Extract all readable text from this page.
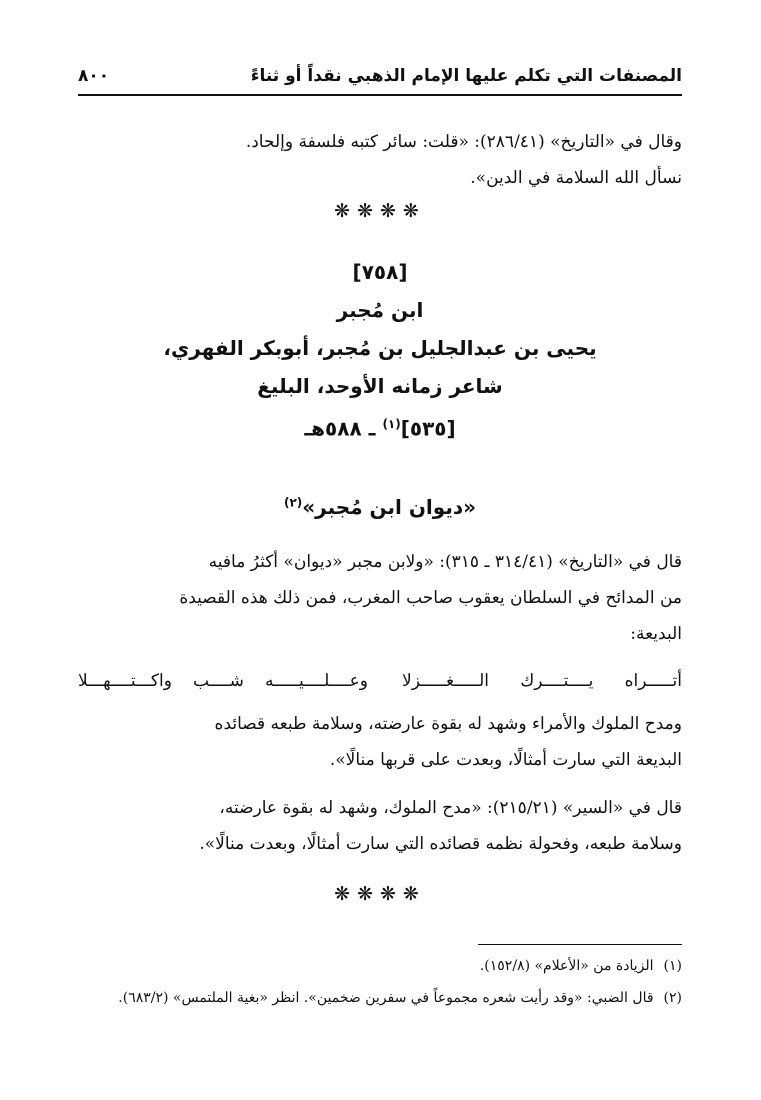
المصنفات التي تكلم عليها الإمام الذهبي نقداً أو ثناءً
٨٠٠

وقال في «التاريخ» (٢٨٦/٤١): «قلت: سائر كتبه فلسفة وإلحاد.

نسأل الله السلامة في الدين».

❋❋❋❋
[٧٥٨]
ابن مُجبر
يحيى بن عبدالجليل بن مُجبر، أبوبكر الفهري،
شاعر زمانه الأوحد، البليغ
[٥٣٥]$^{(١)}$ ـ ٥٨٨هـ
«ديوان ابن مُجبر»$^{(٢)}$

قال في «التاريخ» (٣١٤/٤١ ـ ٣١٥): «ولابن مجبر «ديوان» أكثرُ مافيه

من المدائح في السلطان يعقوب صاحب المغرب، فمن ذلك هذه القصيدة

البديعة:

أتـــــراه يــــتــــرك الـــــغـــــزلا
وعــــلــــيـــــه شــــب واكـــتــــهـــلا

ومدح الملوك والأمراء وشهد له بقوة عارضته، وسلامة طبعه قصائده

البديعة التي سارت أمثالًا، وبعدت على قربها منالًا».

قال في «السير» (٢١٥/٢١): «مدح الملوك، وشهد له بقوة عارضته،

وسلامة طبعه، وفحولة نظمه قصائده التي سارت أمثالًا، وبعدت منالًا».

❋❋❋❋

(١)الزيادة من «الأعلام» (١٥٢/٨).

(٢)قال الضبي: «وقد رأيت شعره مجموعاً في سفرين ضخمين». انظر «بغية الملتمس» (٦٨٣/٢).
